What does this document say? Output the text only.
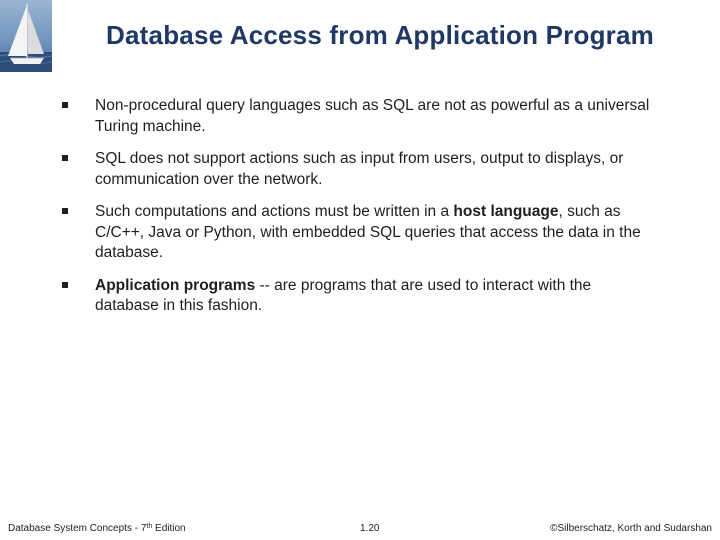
Database Access from Application Program
Non-procedural query languages such as SQL are not as powerful as a universal Turing machine.
SQL does not support actions such as input from users, output to displays, or communication over the network.
Such computations and actions must be written in a host language, such as C/C++, Java or Python, with embedded SQL queries that access the data in the database.
Application programs -- are programs that are used to interact with the database in this fashion.
Database System Concepts - 7th Edition	1.20	©Silberschatz, Korth and Sudarshan
